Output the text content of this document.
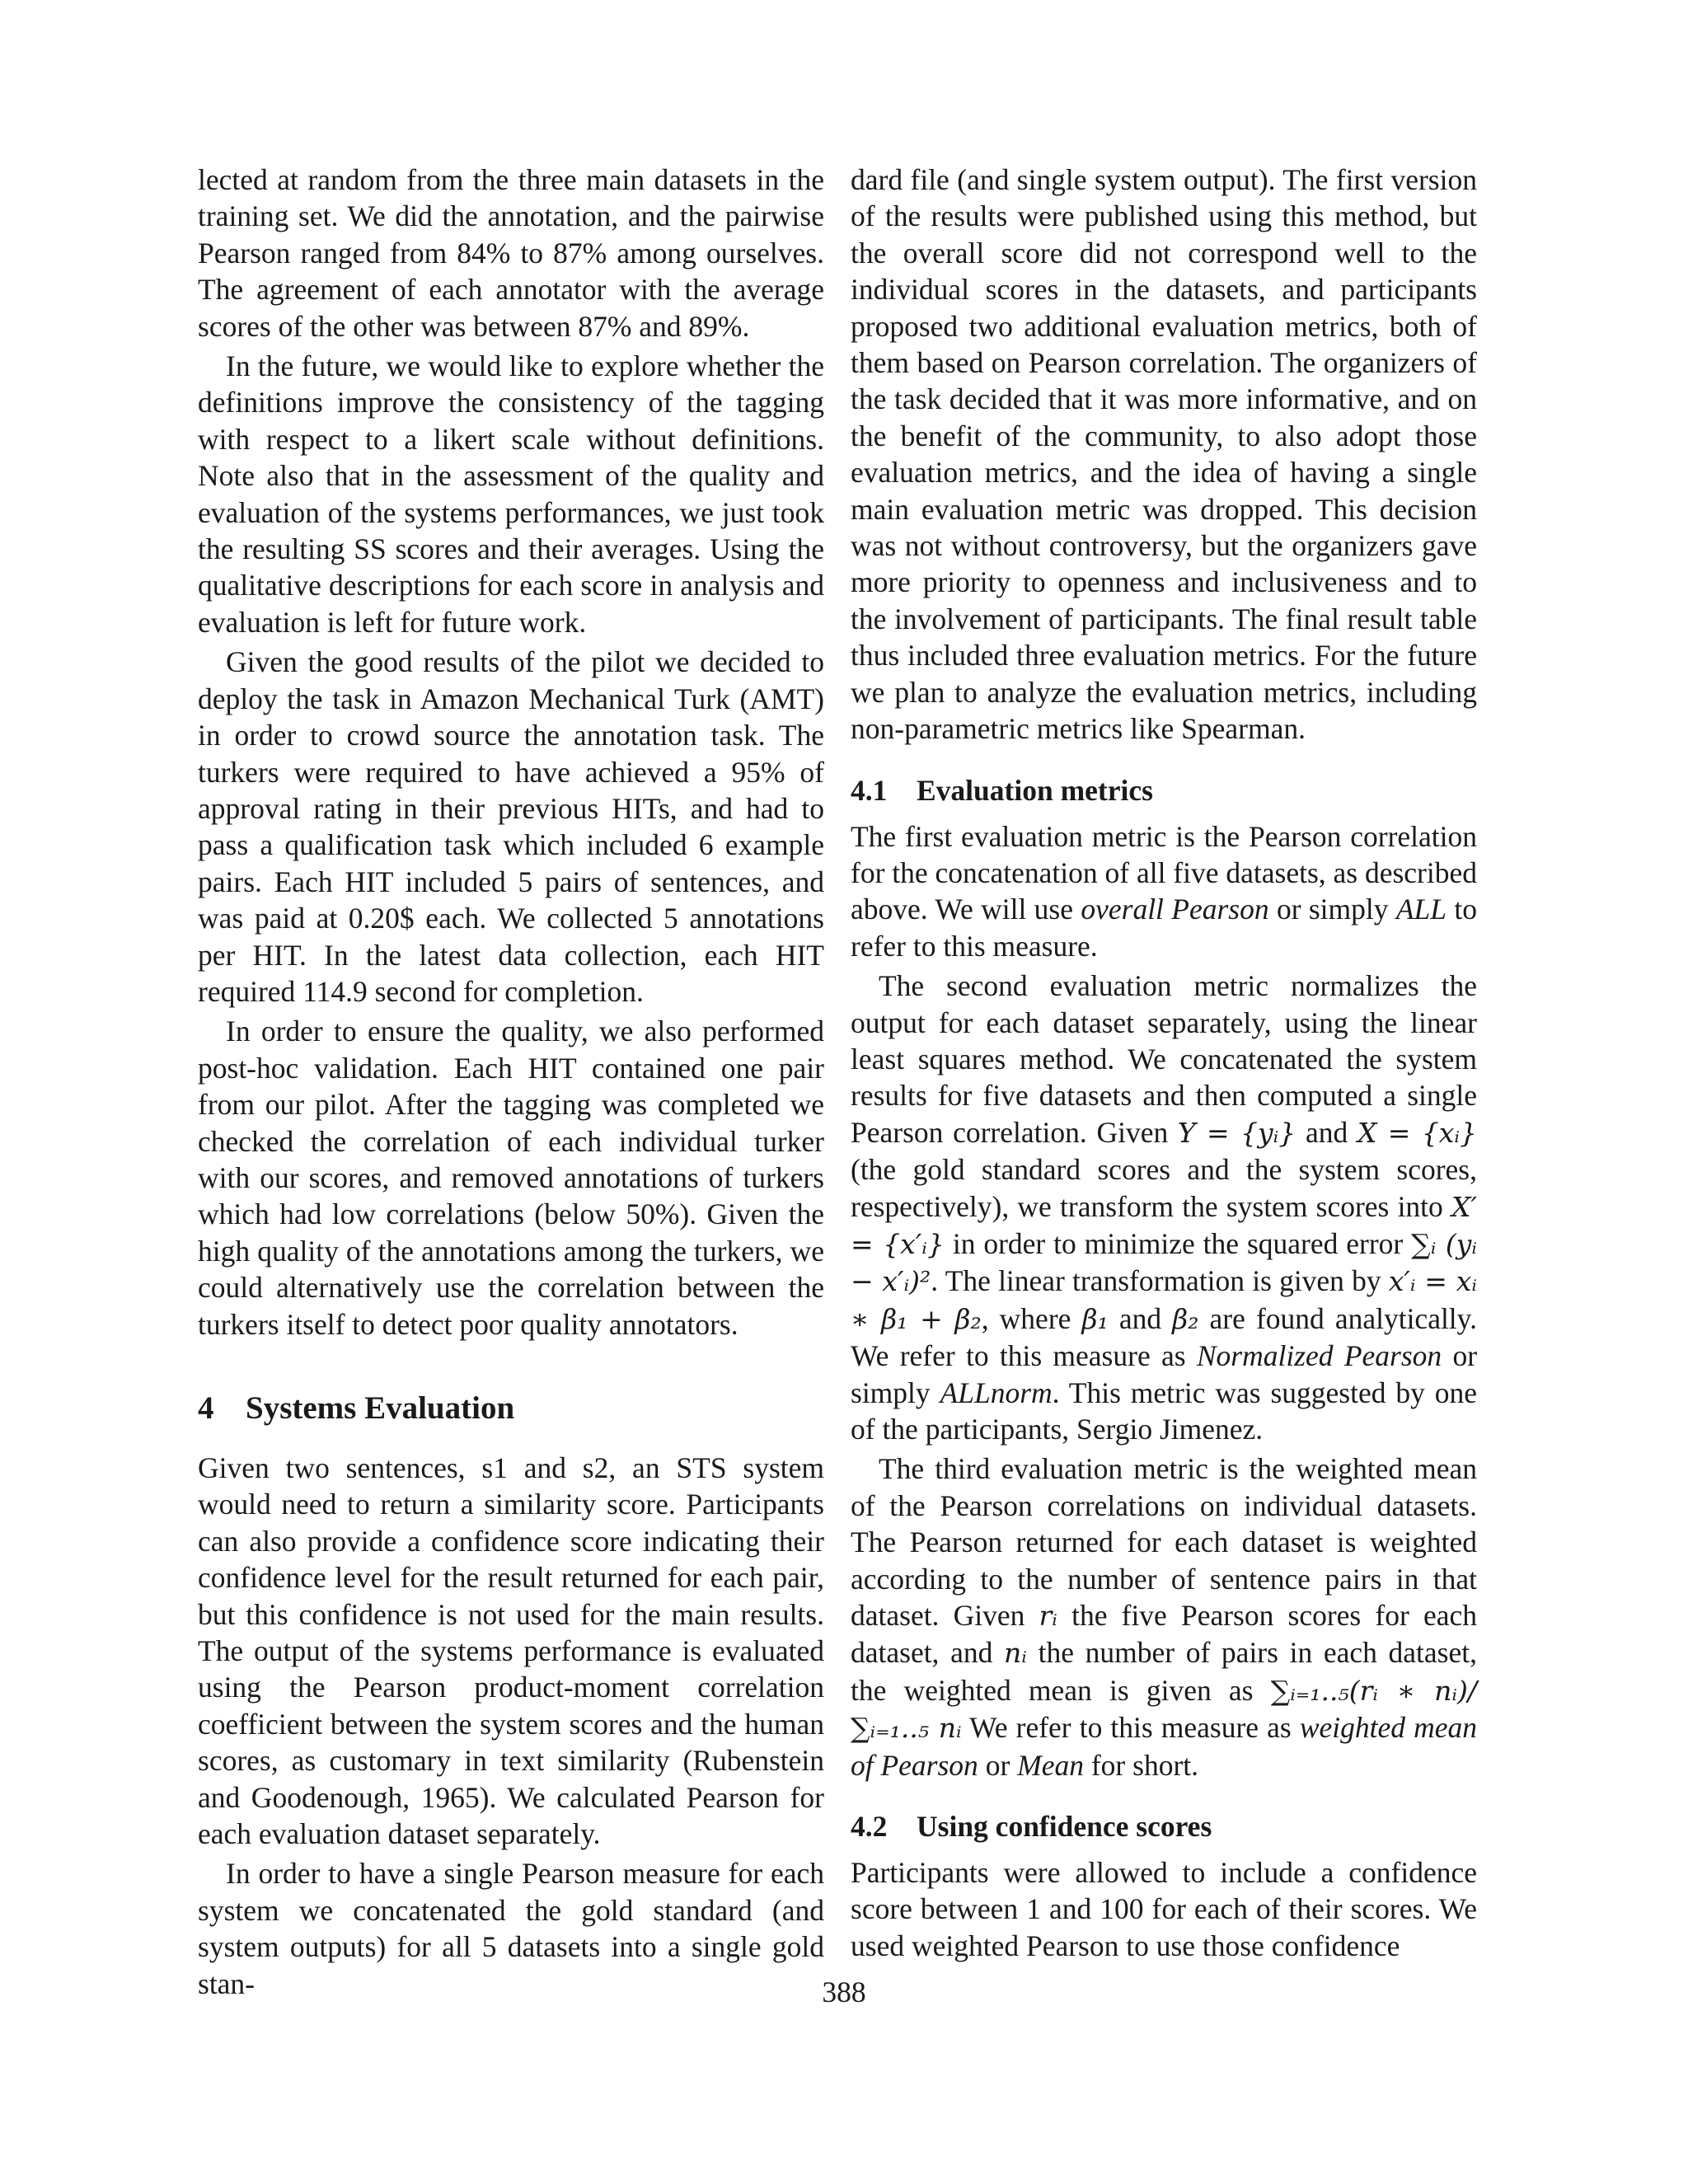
lected at random from the three main datasets in the training set. We did the annotation, and the pairwise Pearson ranged from 84% to 87% among ourselves. The agreement of each annotator with the average scores of the other was between 87% and 89%.

In the future, we would like to explore whether the definitions improve the consistency of the tagging with respect to a likert scale without definitions. Note also that in the assessment of the quality and evaluation of the systems performances, we just took the resulting SS scores and their averages. Using the qualitative descriptions for each score in analysis and evaluation is left for future work.

Given the good results of the pilot we decided to deploy the task in Amazon Mechanical Turk (AMT) in order to crowd source the annotation task. The turkers were required to have achieved a 95% of approval rating in their previous HITs, and had to pass a qualification task which included 6 example pairs. Each HIT included 5 pairs of sentences, and was paid at 0.20$ each. We collected 5 annotations per HIT. In the latest data collection, each HIT required 114.9 second for completion.

In order to ensure the quality, we also performed post-hoc validation. Each HIT contained one pair from our pilot. After the tagging was completed we checked the correlation of each individual turker with our scores, and removed annotations of turkers which had low correlations (below 50%). Given the high quality of the annotations among the turkers, we could alternatively use the correlation between the turkers itself to detect poor quality annotators.

4 Systems Evaluation

Given two sentences, s1 and s2, an STS system would need to return a similarity score. Participants can also provide a confidence score indicating their confidence level for the result returned for each pair, but this confidence is not used for the main results. The output of the systems performance is evaluated using the Pearson product-moment correlation coefficient between the system scores and the human scores, as customary in text similarity (Rubenstein and Goodenough, 1965). We calculated Pearson for each evaluation dataset separately.

In order to have a single Pearson measure for each system we concatenated the gold standard (and system outputs) for all 5 datasets into a single gold stan-

dard file (and single system output). The first version of the results were published using this method, but the overall score did not correspond well to the individual scores in the datasets, and participants proposed two additional evaluation metrics, both of them based on Pearson correlation. The organizers of the task decided that it was more informative, and on the benefit of the community, to also adopt those evaluation metrics, and the idea of having a single main evaluation metric was dropped. This decision was not without controversy, but the organizers gave more priority to openness and inclusiveness and to the involvement of participants. The final result table thus included three evaluation metrics. For the future we plan to analyze the evaluation metrics, including non-parametric metrics like Spearman.

4.1 Evaluation metrics

The first evaluation metric is the Pearson correlation for the concatenation of all five datasets, as described above. We will use overall Pearson or simply ALL to refer to this measure.

The second evaluation metric normalizes the output for each dataset separately, using the linear least squares method. We concatenated the system results for five datasets and then computed a single Pearson correlation. Given Y = {yᵢ} and X = {xᵢ} (the gold standard scores and the system scores, respectively), we transform the system scores into X′ = {x′ᵢ} in order to minimize the squared error ∑ᵢ (yᵢ − x′ᵢ)². The linear transformation is given by x′ᵢ = xᵢ ∗ β₁ + β₂, where β₁ and β₂ are found analytically. We refer to this measure as Normalized Pearson or simply ALLnorm. This metric was suggested by one of the participants, Sergio Jimenez.

The third evaluation metric is the weighted mean of the Pearson correlations on individual datasets. The Pearson returned for each dataset is weighted according to the number of sentence pairs in that dataset. Given rᵢ the five Pearson scores for each dataset, and nᵢ the number of pairs in each dataset, the weighted mean is given as ∑ᵢ₌₁..₅(rᵢ ∗ nᵢ)/ ∑ᵢ₌₁..₅ nᵢ We refer to this measure as weighted mean of Pearson or Mean for short.

4.2 Using confidence scores

Participants were allowed to include a confidence score between 1 and 100 for each of their scores. We used weighted Pearson to use those confidence

388
